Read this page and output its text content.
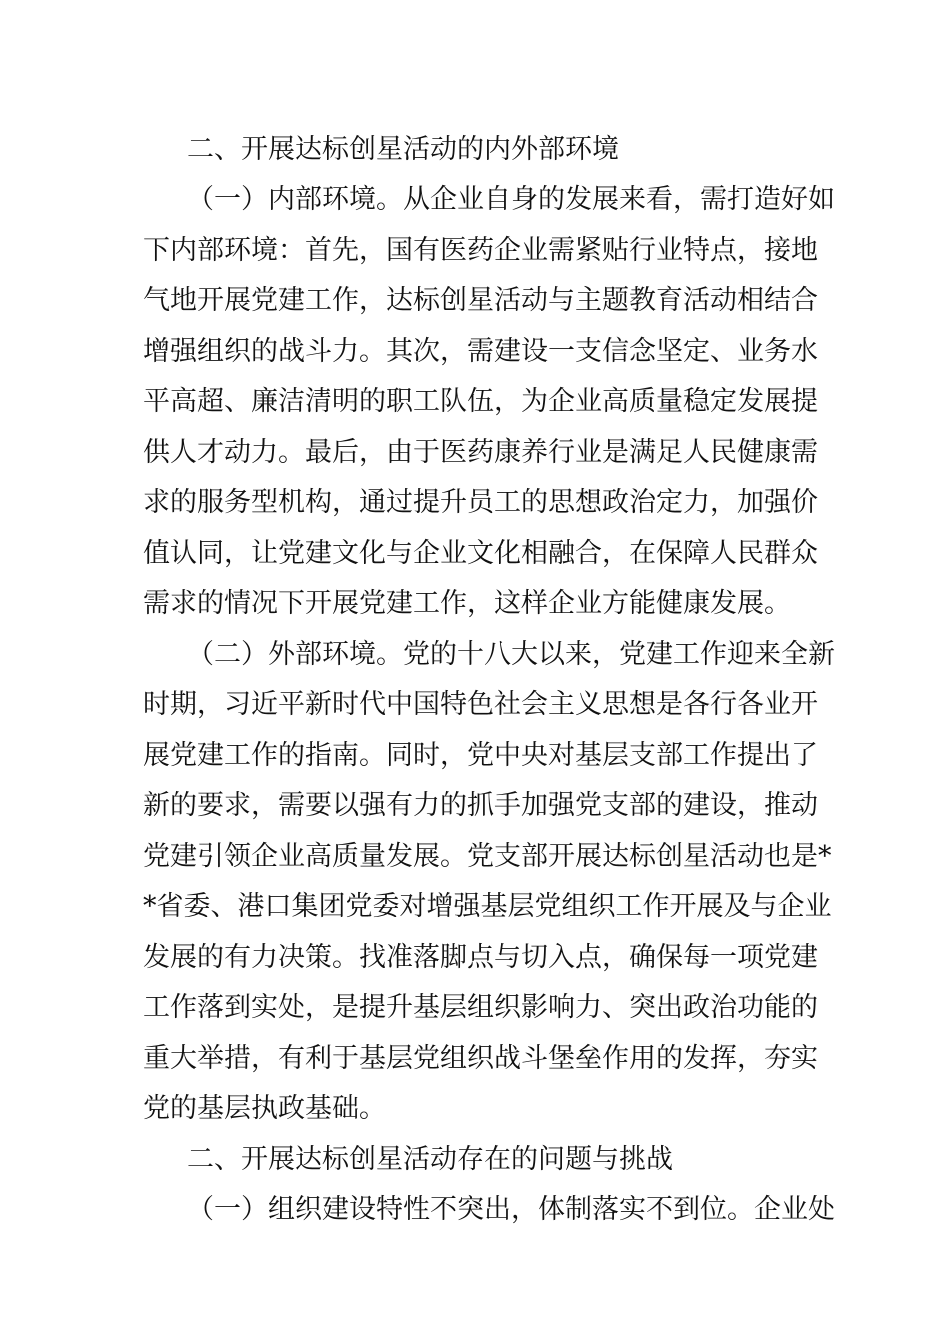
二、开展达标创星活动的内外部环境
（一）内部环境。从企业自身的发展来看，需打造好如
下内部环境：首先，国有医药企业需紧贴行业特点，接地
气地开展党建工作，达标创星活动与主题教育活动相结合
增强组织的战斗力。其次，需建设一支信念坚定、业务水
平高超、廉洁清明的职工队伍，为企业高质量稳定发展提
供人才动力。最后，由于医药康养行业是满足人民健康需
求的服务型机构，通过提升员工的思想政治定力，加强价
值认同，让党建文化与企业文化相融合，在保障人民群众
需求的情况下开展党建工作，这样企业方能健康发展。
（二）外部环境。党的十八大以来，党建工作迎来全新
时期，习近平新时代中国特色社会主义思想是各行各业开
展党建工作的指南。同时，党中央对基层支部工作提出了
新的要求，需要以强有力的抓手加强党支部的建设，推动
党建引领企业高质量发展。党支部开展达标创星活动也是*
*省委、港口集团党委对增强基层党组织工作开展及与企业
发展的有力决策。找准落脚点与切入点，确保每一项党建
工作落到实处，是提升基层组织影响力、突出政治功能的
重大举措，有利于基层党组织战斗堡垒作用的发挥，夯实
党的基层执政基础。
二、开展达标创星活动存在的问题与挑战
（一）组织建设特性不突出，体制落实不到位。企业处
